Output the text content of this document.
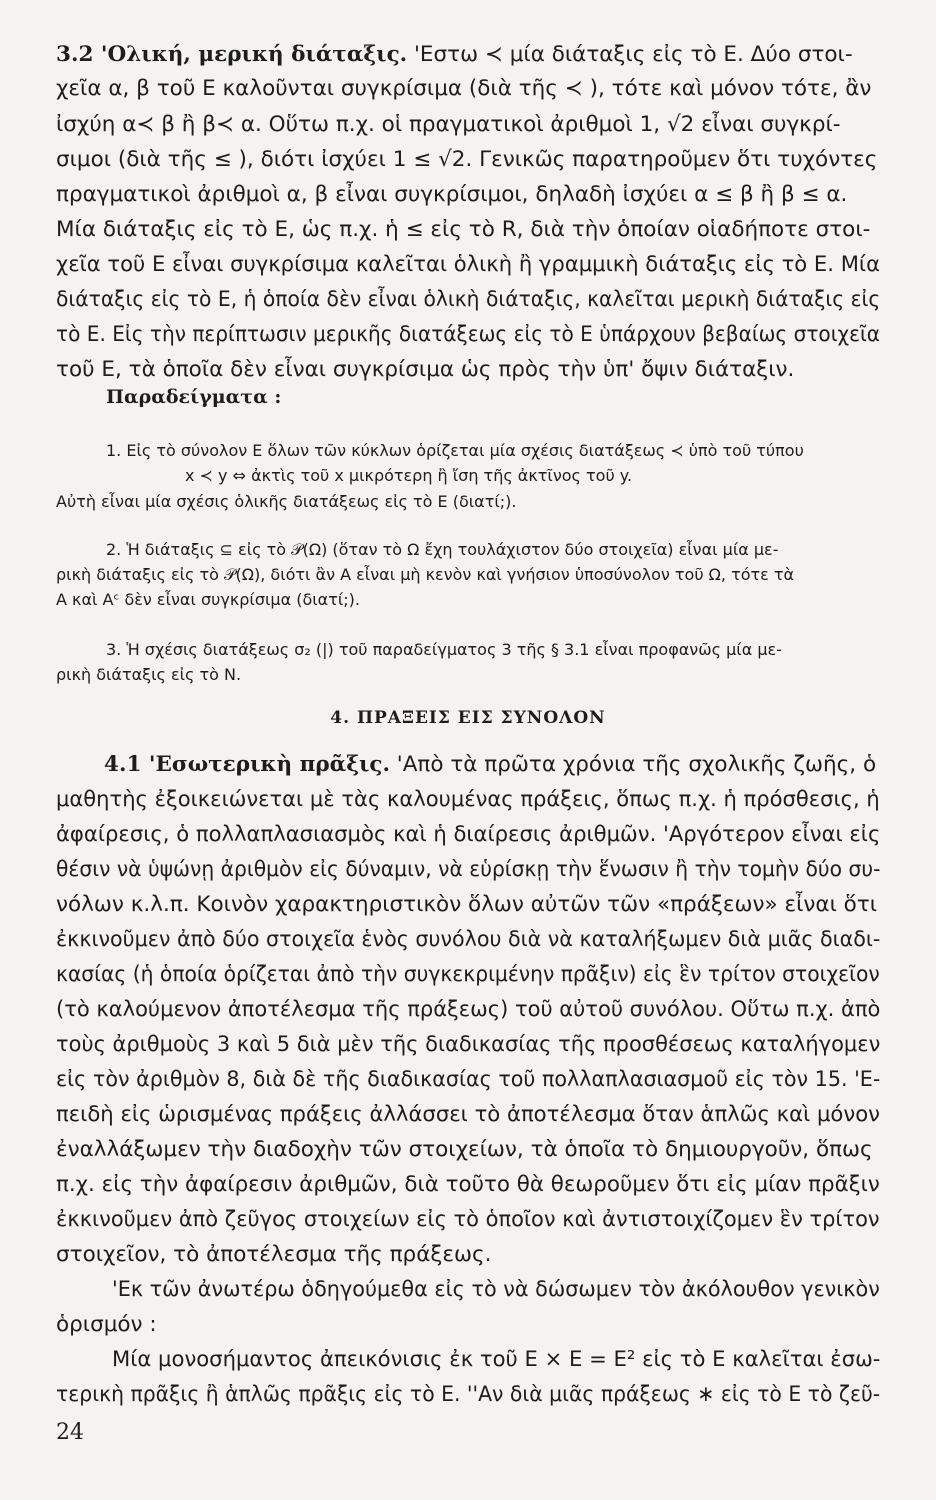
3.2 'Ολική, μερική διάταξις. 'Εστω ≺ μία διάταξις εἰς τὸ Ε. Δύο στοι-
χεῖα α, β τοῦ Ε καλοῦνται συγκρίσιμα (διὰ τῆς ≺ ), τότε καὶ μόνον τότε, ἂν
ἰσχύη α≺ β ἢ β≺ α. Οὕτω π.χ. οἱ πραγματικοὶ ἀριθμοὶ 1, √2 εἶναι συγκρί-
σιμοι (διὰ τῆς ≤ ), διότι ἰσχύει 1 ≤ √2. Γενικῶς παρατηροῦμεν ὅτι τυχόντες
πραγματικοὶ ἀριθμοὶ α, β εἶναι συγκρίσιμοι, δηλαδὴ ἰσχύει α ≤ β ἢ β ≤ α.
Μία διάταξις εἰς τὸ Ε, ὡς π.χ. ἡ ≤ εἰς τὸ R, διὰ τὴν ὁποίαν οἱαδήποτε στοι-
χεῖα τοῦ Ε εἶναι συγκρίσιμα καλεῖται ὁλικὴ ἢ γραμμικὴ διάταξις εἰς τὸ Ε. Μία
διάταξις εἰς τὸ Ε, ἡ ὁποία δὲν εἶναι ὁλικὴ διάταξις, καλεῖται μερικὴ διάταξις εἰς
τὸ Ε. Εἰς τὴν περίπτωσιν μερικῆς διατάξεως εἰς τὸ Ε ὑπάρχουν βεβαίως στοιχεῖα
τοῦ Ε, τὰ ὁποῖα δὲν εἶναι συγκρίσιμα ὡς πρὸς τὴν ὑπ' ὄψιν διάταξιν.
Παραδείγματα :
1. Εἰς τὸ σύνολον Ε ὅλων τῶν κύκλων ὁρίζεται μία σχέσις διατάξεως ≺ ὑπὸ τοῦ τύπου
x ≺ y ⇔ ἀκτὶς τοῦ x μικρότερη ἢ ἴση τῆς ἀκτῖνος τοῦ y.
Αὐτὴ εἶναι μία σχέσις ὁλικῆς διατάξεως εἰς τὸ Ε (διατί;).
2. Ἡ διάταξις ⊆ εἰς τὸ 𝒫(Ω) (ὅταν τὸ Ω ἔχη τουλάχιστον δύο στοιχεῖα) εἶναι μία με-
ρικὴ διάταξις εἰς τὸ 𝒫(Ω), διότι ἂν Α εἶναι μὴ κενὸν καὶ γνήσιον ὑποσύνολον τοῦ Ω, τότε τὰ
Α καὶ Αᶜ δὲν εἶναι συγκρίσιμα (διατί;).
3. Ἡ σχέσις διατάξεως σ₂ (|) τοῦ παραδείγματος 3 τῆς § 3.1 εἶναι προφανῶς μία με-
ρικὴ διάταξις εἰς τὸ N.
4. ΠΡΑΞΕΙΣ ΕΙΣ ΣΥΝΟΛΟΝ
4.1 'Εσωτερικὴ πρᾶξις. 'Απὸ τὰ πρῶτα χρόνια τῆς σχολικῆς ζωῆς, ὁ
μαθητὴς ἐξοικειώνεται μὲ τὰς καλουμένας πράξεις, ὅπως π.χ. ἡ πρόσθεσις, ἡ
ἀφαίρεσις, ὁ πολλαπλασιασμὸς καὶ ἡ διαίρεσις ἀριθμῶν. 'Αργότερον εἶναι εἰς
θέσιν νὰ ὑψώνῃ ἀριθμὸν εἰς δύναμιν, νὰ εὑρίσκῃ τὴν ἕνωσιν ἢ τὴν τομὴν δύο συ-
νόλων κ.λ.π. Κοινὸν χαρακτηριστικὸν ὅλων αὐτῶν τῶν «πράξεων» εἶναι ὅτι
ἐκκινοῦμεν ἀπὸ δύο στοιχεῖα ἑνὸς συνόλου διὰ νὰ καταλήξωμεν διὰ μιᾶς διαδι-
κασίας (ἡ ὁποία ὁρίζεται ἀπὸ τὴν συγκεκριμένην πρᾶξιν) εἰς ἓν τρίτον στοιχεῖον
(τὸ καλούμενον ἀποτέλεσμα τῆς πράξεως) τοῦ αὐτοῦ συνόλου. Οὕτω π.χ. ἀπὸ
τοὺς ἀριθμοὺς 3 καὶ 5 διὰ μὲν τῆς διαδικασίας τῆς προσθέσεως καταλήγομεν
εἰς τὸν ἀριθμὸν 8, διὰ δὲ τῆς διαδικασίας τοῦ πολλαπλασιασμοῦ εἰς τὸν 15. 'Ε-
πειδὴ εἰς ὡρισμένας πράξεις ἀλλάσσει τὸ ἀποτέλεσμα ὅταν ἁπλῶς καὶ μόνον
ἐναλλάξωμεν τὴν διαδοχὴν τῶν στοιχείων, τὰ ὁποῖα τὸ δημιουργοῦν, ὅπως
π.χ. εἰς τὴν ἀφαίρεσιν ἀριθμῶν, διὰ τοῦτο θὰ θεωροῦμεν ὅτι εἰς μίαν πρᾶξιν
ἐκκινοῦμεν ἀπὸ ζεῦγος στοιχείων εἰς τὸ ὁποῖον καὶ ἀντιστοιχίζομεν ἓν τρίτον
στοιχεῖον, τὸ ἀποτέλεσμα τῆς πράξεως.
'Εκ τῶν ἀνωτέρω ὁδηγούμεθα εἰς τὸ νὰ δώσωμεν τὸν ἀκόλουθον γενικὸν
ὁρισμόν :
Μία μονοσήμαντος ἀπεικόνισις ἐκ τοῦ Ε × Ε = Ε² εἰς τὸ Ε καλεῖται ἐσω-
τερικὴ πρᾶξις ἢ ἁπλῶς πρᾶξις εἰς τὸ Ε. ''Αν διὰ μιᾶς πράξεως ∗ εἰς τὸ Ε τὸ ζεῦ-
24
